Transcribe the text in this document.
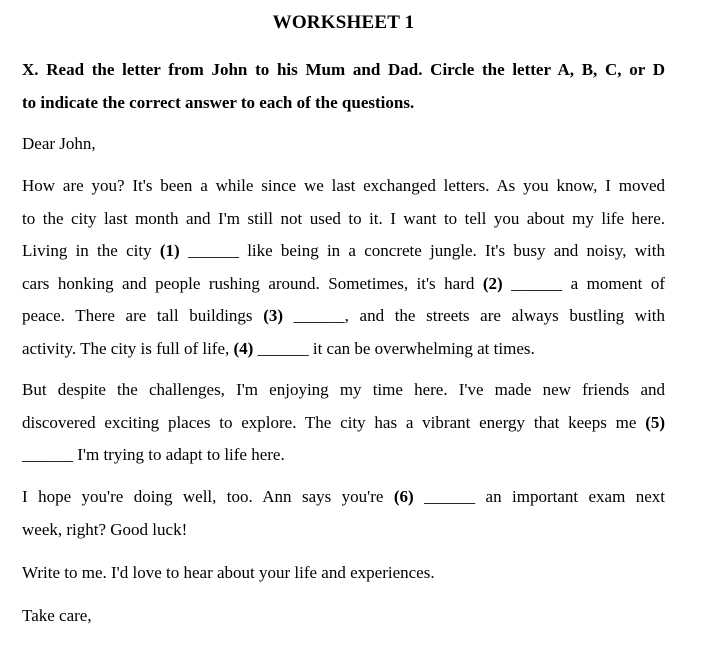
WORKSHEET 1
X. Read the letter from John to his Mum and Dad. Circle the letter A, B, C, or D
to indicate the correct answer to each of the questions.
Dear John,
How are you? It's been a while since we last exchanged letters. As you know, I moved
to the city last month and I'm still not used to it. I want to tell you about my life here.
Living in the city (1) ______ like being in a concrete jungle. It's busy and noisy, with
cars honking and people rushing around. Sometimes, it's hard (2) ______ a moment of
peace. There are tall buildings (3) ______, and the streets are always bustling with
activity. The city is full of life, (4) ______ it can be overwhelming at times.
But despite the challenges, I'm enjoying my time here. I've made new friends and
discovered exciting places to explore. The city has a vibrant energy that keeps me (5)
______ I'm trying to adapt to life here.
I hope you're doing well, too. Ann says you're (6) ______ an important exam next
week, right? Good luck!
Write to me. I'd love to hear about your life and experiences.
Take care,
